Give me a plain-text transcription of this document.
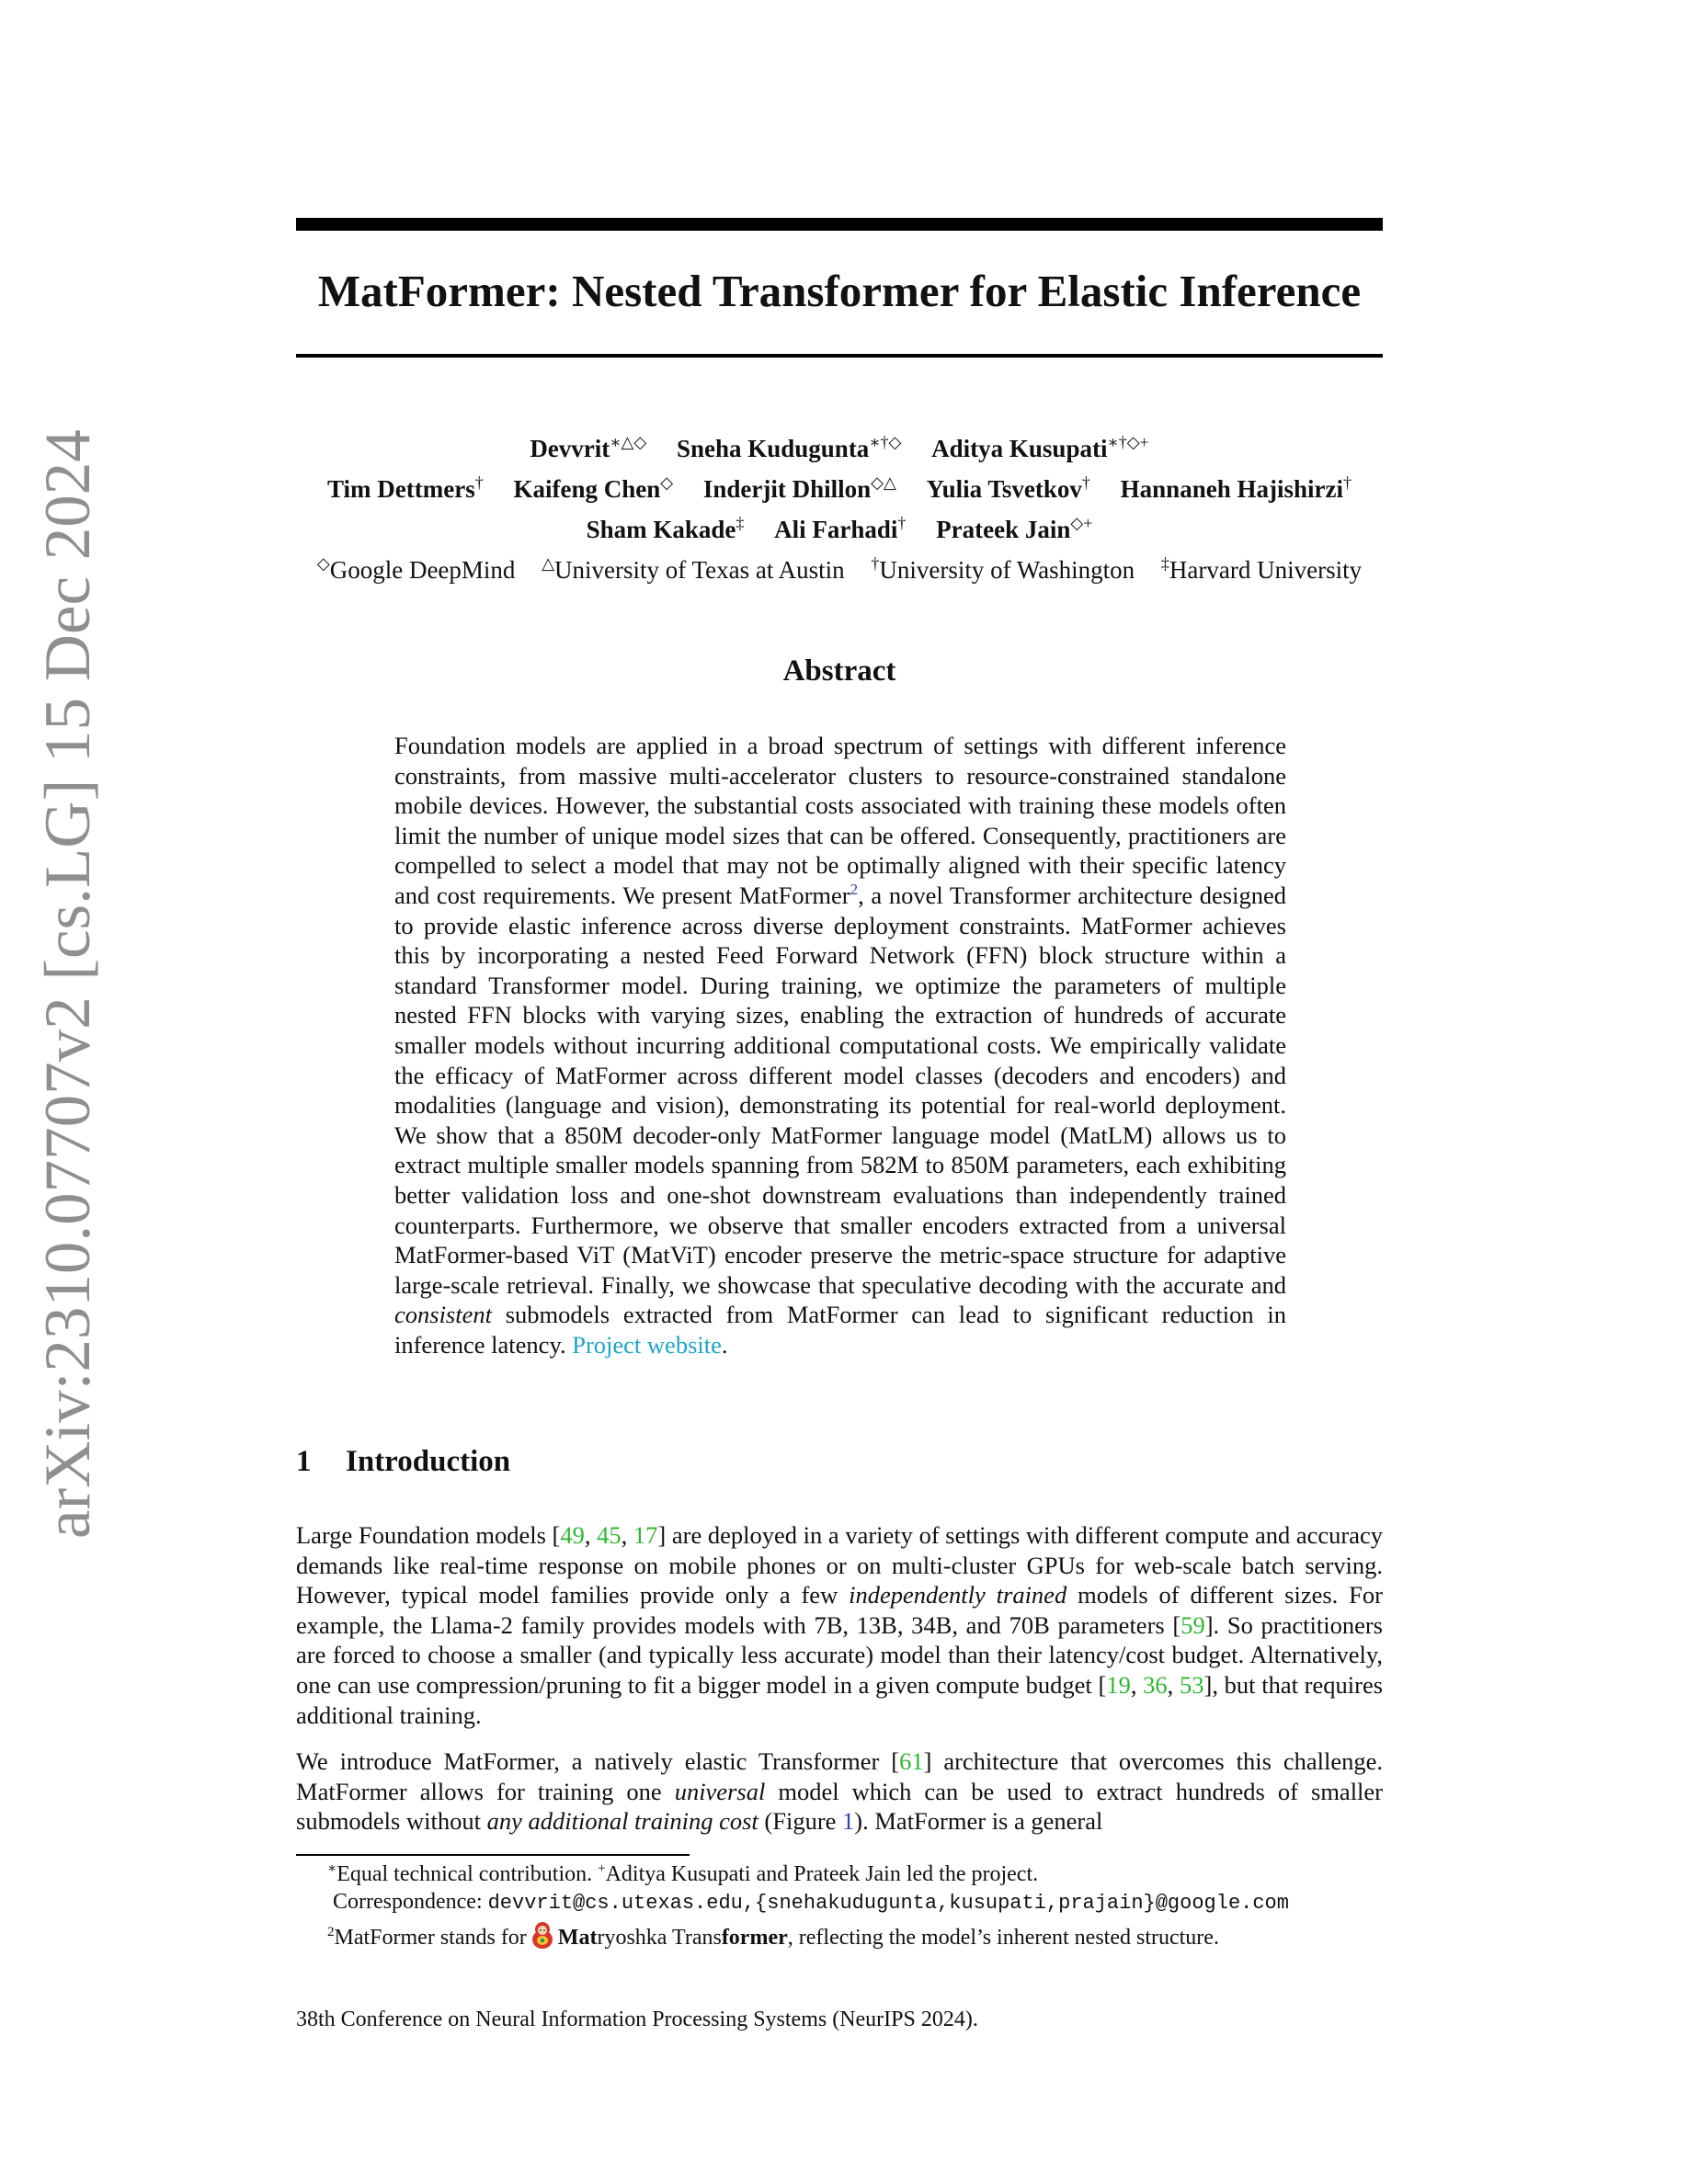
arXiv:2310.07707v2 [cs.LG] 15 Dec 2024
MatFormer: Nested Transformer for Elastic Inference
Devvrit∗△◇ Sneha Kudugunta∗†◇ Aditya Kusupati∗†◇+
Tim Dettmers† Kaifeng Chen◇ Inderjit Dhillon◇△ Yulia Tsvetkov† Hannaneh Hajishirzi†
Sham Kakade‡ Ali Farhadi† Prateek Jain◇+
◇Google DeepMind △University of Texas at Austin †University of Washington ‡Harvard University
Abstract
Foundation models are applied in a broad spectrum of settings with different inference constraints, from massive multi-accelerator clusters to resource-constrained standalone mobile devices. However, the substantial costs associated with training these models often limit the number of unique model sizes that can be offered. Consequently, practitioners are compelled to select a model that may not be optimally aligned with their specific latency and cost requirements. We present MatFormer$^2$, a novel Transformer architecture designed to provide elastic inference across diverse deployment constraints. MatFormer achieves this by incorporating a nested Feed Forward Network (FFN) block structure within a standard Transformer model. During training, we optimize the parameters of multiple nested FFN blocks with varying sizes, enabling the extraction of hundreds of accurate smaller models without incurring additional computational costs. We empirically validate the efficacy of MatFormer across different model classes (decoders and encoders) and modalities (language and vision), demonstrating its potential for real-world deployment. We show that a 850M decoder-only MatFormer language model (MatLM) allows us to extract multiple smaller models spanning from 582M to 850M parameters, each exhibiting better validation loss and one-shot downstream evaluations than independently trained counterparts. Furthermore, we observe that smaller encoders extracted from a universal MatFormer-based ViT (MatViT) encoder preserve the metric-space structure for adaptive large-scale retrieval. Finally, we showcase that speculative decoding with the accurate and consistent submodels extracted from MatFormer can lead to significant reduction in inference latency. Project website.
1 Introduction
Large Foundation models [49, 45, 17] are deployed in a variety of settings with different compute and accuracy demands like real-time response on mobile phones or on multi-cluster GPUs for web-scale batch serving. However, typical model families provide only a few independently trained models of different sizes. For example, the Llama-2 family provides models with 7B, 13B, 34B, and 70B parameters [59]. So practitioners are forced to choose a smaller (and typically less accurate) model than their latency/cost budget. Alternatively, one can use compression/pruning to fit a bigger model in a given compute budget [19, 36, 53], but that requires additional training.
We introduce MatFormer, a natively elastic Transformer [61] architecture that overcomes this challenge. MatFormer allows for training one universal model which can be used to extract hundreds of smaller submodels without any additional training cost (Figure 1). MatFormer is a general
∗Equal technical contribution. +Aditya Kusupati and Prateek Jain led the project.
Correspondence: devvrit@cs.utexas.edu,{snehakudugunta,kusupati,prajain}@google.com
$^2$MatFormer stands for Matryoshka Transformer, reflecting the model’s inherent nested structure.
38th Conference on Neural Information Processing Systems (NeurIPS 2024).
